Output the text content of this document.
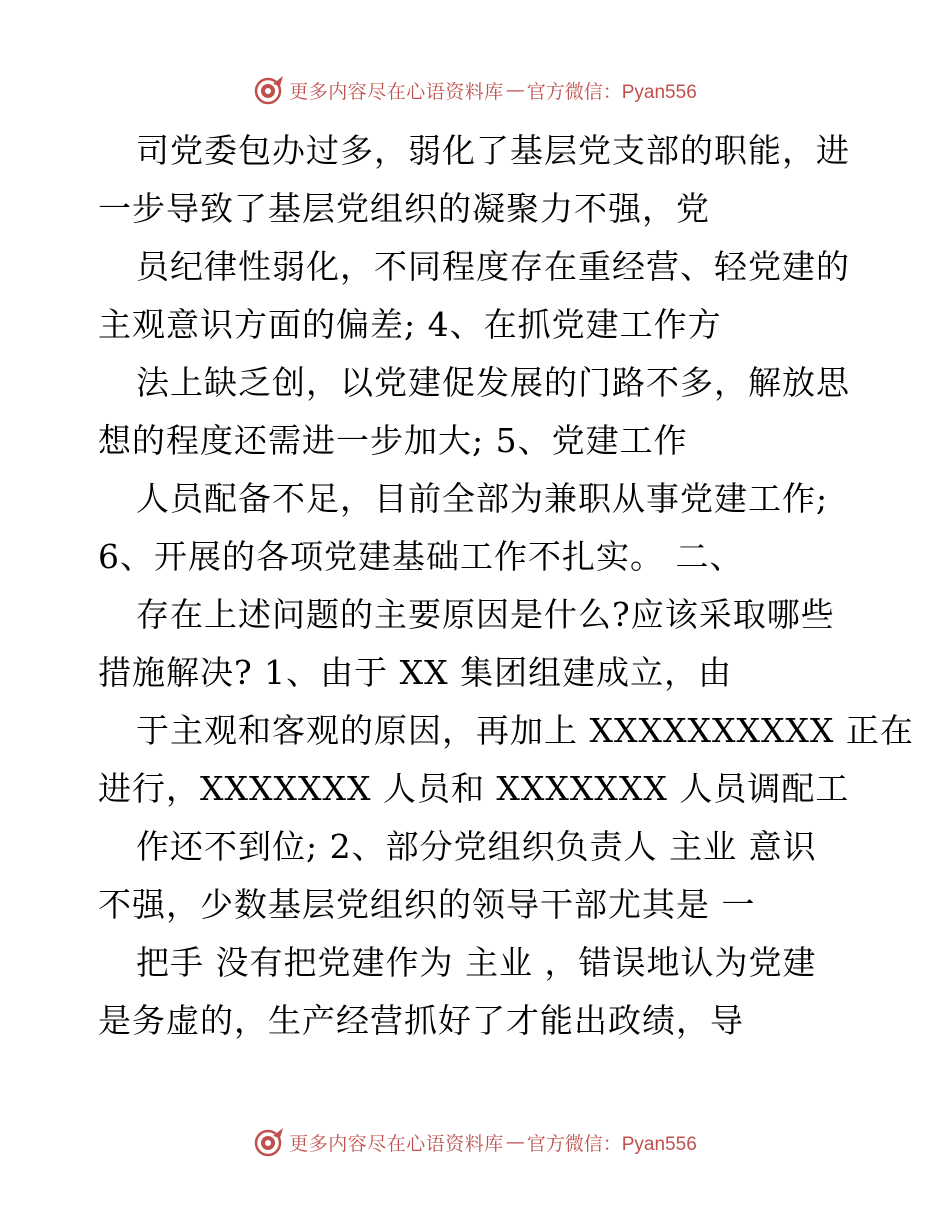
更多内容尽在心语资料库 — 官方微信：Pyan556
司党委包办过多，弱化了基层党支部的职能，进
一步导致了基层党组织的凝聚力不强，党
员纪律性弱化，不同程度存在重经营、轻党建的
主观意识方面的偏差; 4、在抓党建工作方
法上缺乏创，以党建促发展的门路不多，解放思
想的程度还需进一步加大; 5、党建工作
人员配备不足，目前全部为兼职从事党建工作;
6、开展的各项党建基础工作不扎实。 二、
存在上述问题的主要原因是什么?应该采取哪些
措施解决? 1、由于 XX 集团组建成立，由
于主观和客观的原因，再加上 XXXXXXXXXX 正在
进行，XXXXXXX 人员和 XXXXXXX 人员调配工
作还不到位; 2、部分党组织负责人 主业 意识
不强，少数基层党组织的领导干部尤其是 一
把手 没有把党建作为 主业 ，错误地认为党建
是务虚的，生产经营抓好了才能出政绩，导
更多内容尽在心语资料库 — 官方微信：Pyan556
